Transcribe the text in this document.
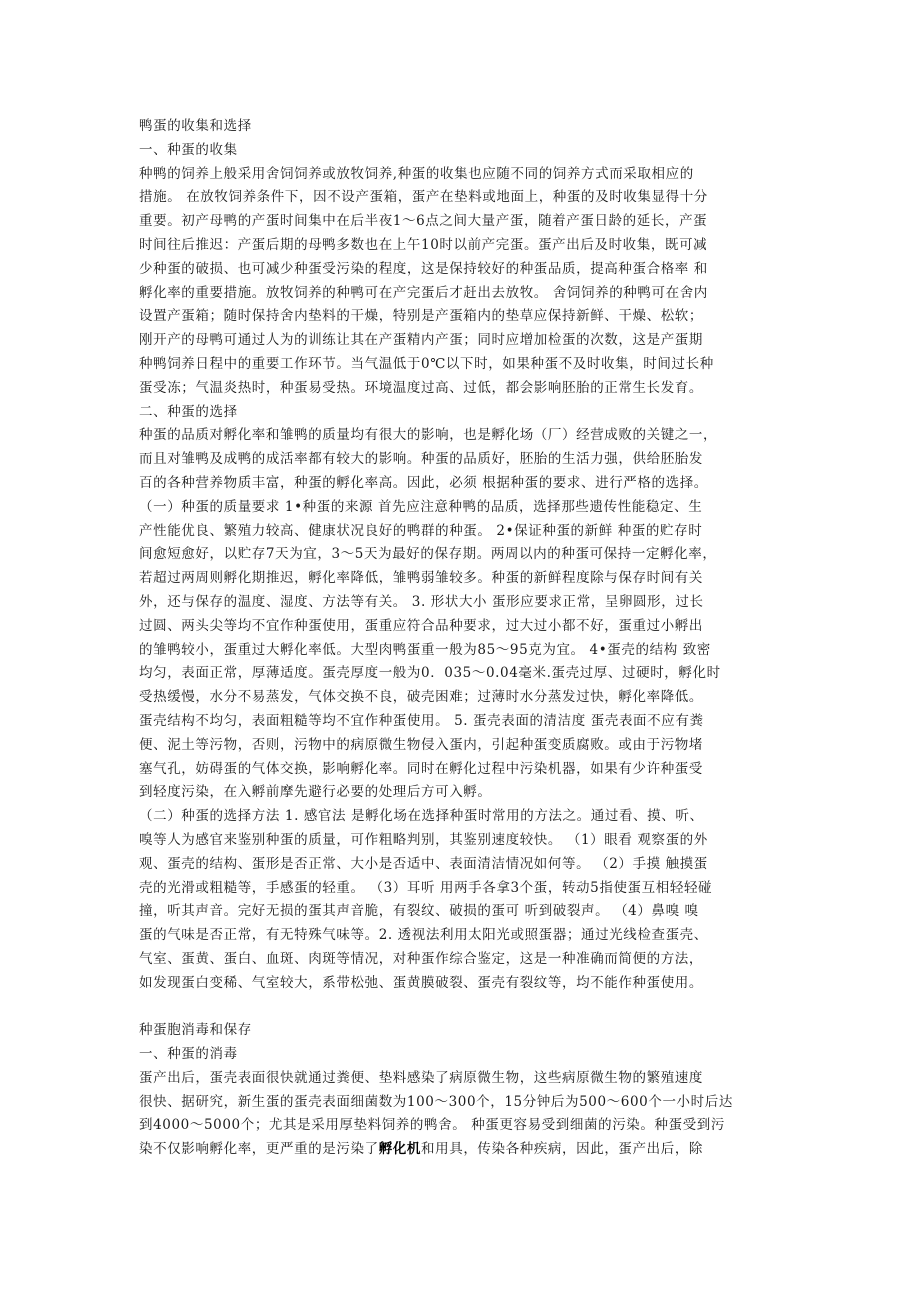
鸭蛋的收集和选择
一、种蛋的收集
种鸭的饲养上般采用舍饲饲养或放牧饲养,种蛋的收集也应随不同的饲养方式而采取相应的
措施。 在放牧饲养条件下，因不设产蛋箱，蛋产在垫料或地面上，种蛋的及时收集显得十分
重要。初产母鸭的产蛋时间集中在后半夜1～6点之间大量产蛋，随着产蛋日龄的延长，产蛋
时间往后推迟：产蛋后期的母鸭多数也在上午10时以前产完蛋。蛋产出后及时收集，既可减
少种蛋的破损、也可减少种蛋受污染的程度，这是保持较好的种蛋品质，提高种蛋合格率 和
孵化率的重要措施。放牧饲养的种鸭可在产完蛋后才赶出去放牧。 舍饲饲养的种鸭可在舍内
设置产蛋箱；随时保持舍内垫料的干燥，特别是产蛋箱内的垫草应保持新鲜、干燥、松软；
刚开产的母鸭可通过人为的训练让其在产蛋精内产蛋；同时应增加检蛋的次数，这是产蛋期
种鸭饲养日程中的重要工作环节。当气温低于0℃以下时，如果种蛋不及时收集，时间过长种
蛋受冻；气温炎热时，种蛋易受热。环境温度过高、过低，都会影响胚胎的正常生长发育。
二、种蛋的选择
种蛋的品质对孵化率和雏鸭的质量均有很大的影响，也是孵化场（厂）经营成败的关键之一，
而且对雏鸭及成鸭的成活率都有较大的影响。种蛋的品质好，胚胎的生活力强，供给胚胎发
百的各种营养物质丰富，种蛋的孵化率高。因此，必须 根据种蛋的要求、进行严格的选择。
（一）种蛋的质量要求 1•种蛋的来源 首先应注意种鸭的品质，选择那些遗传性能稳定、生
产性能优良、繁殖力较高、健康状况良好的鸭群的种蛋。 2•保证种蛋的新鲜 种蛋的贮存时
间愈短愈好，以贮存7天为宜，3～5天为最好的保存期。两周以内的种蛋可保持一定孵化率，
若超过两周则孵化期推迟，孵化率降低，雏鸭弱雏较多。种蛋的新鲜程度除与保存时间有关
外，还与保存的温度、湿度、方法等有关。 3. 形状大小 蛋形应要求正常，呈卵圆形，过长
过圆、两头尖等均不宜作种蛋使用，蛋重应符合品种要求，过大过小都不好，蛋重过小孵出
的雏鸭较小，蛋重过大孵化率低。大型肉鸭蛋重一般为85～95克为宜。 4•蛋壳的结构 致密
均匀，表面正常，厚薄适度。蛋壳厚度一般为0．035～0.04毫米.蛋壳过厚、过硬时，孵化时
受热缓慢，水分不易蒸发，气体交换不良，破壳困难；过薄时水分蒸发过快，孵化率降低。
蛋壳结构不均匀，表面粗糙等均不宜作种蛋使用。 5. 蛋壳表面的清洁度 蛋壳表面不应有粪
便、泥土等污物，否则，污物中的病原微生物侵入蛋内，引起种蛋变质腐败。或由于污物堵
塞气孔，妨碍蛋的气体交换，影响孵化率。同时在孵化过程中污染机器，如果有少许种蛋受
到轻度污染，在入孵前摩先避行必要的处理后方可入孵。
（二）种蛋的选择方法 1. 感官法 是孵化场在选择种蛋时常用的方法之。通过看、摸、听、
嗅等人为感官来鉴别种蛋的质量，可作粗略判别，其鉴别速度较快。 （1）眼看 观察蛋的外
观、蛋壳的结构、蛋形是否正常、大小是否适中、表面清洁情况如何等。 （2）手摸 触摸蛋
壳的光滑或粗糙等，手感蛋的轻重。 （3）耳听 用两手各拿3个蛋，转动5指使蛋互相轻轻碰
撞，听其声音。完好无损的蛋其声音脆，有裂纹、破损的蛋可 听到破裂声。 （4）鼻嗅 嗅
蛋的气味是否正常，有无特殊气味等。2. 透视法利用太阳光或照蛋器；通过光线检查蛋壳、
气室、蛋黄、蛋白、血斑、肉斑等情况，对种蛋作综合鉴定，这是一种准确而简便的方法，
如发现蛋白变稀、气室较大，系带松弛、蛋黄膜破裂、蛋壳有裂纹等，均不能作种蛋使用。
种蛋胞消毒和保存
一、种蛋的消毒
蛋产出后，蛋壳表面很快就通过粪便、垫料感染了病原微生物，这些病原微生物的繁殖速度
很快、据研究，新生蛋的蛋壳表面细菌数为100～300个，15分钟后为500～600个一小时后达
到4000～5000个；尤其是采用厚垫料饲养的鸭舍。 种蛋更容易受到细菌的污染。种蛋受到污
染不仅影响孵化率，更严重的是污染了孵化机和用具，传染各种疾病，因此，蛋产出后，除
